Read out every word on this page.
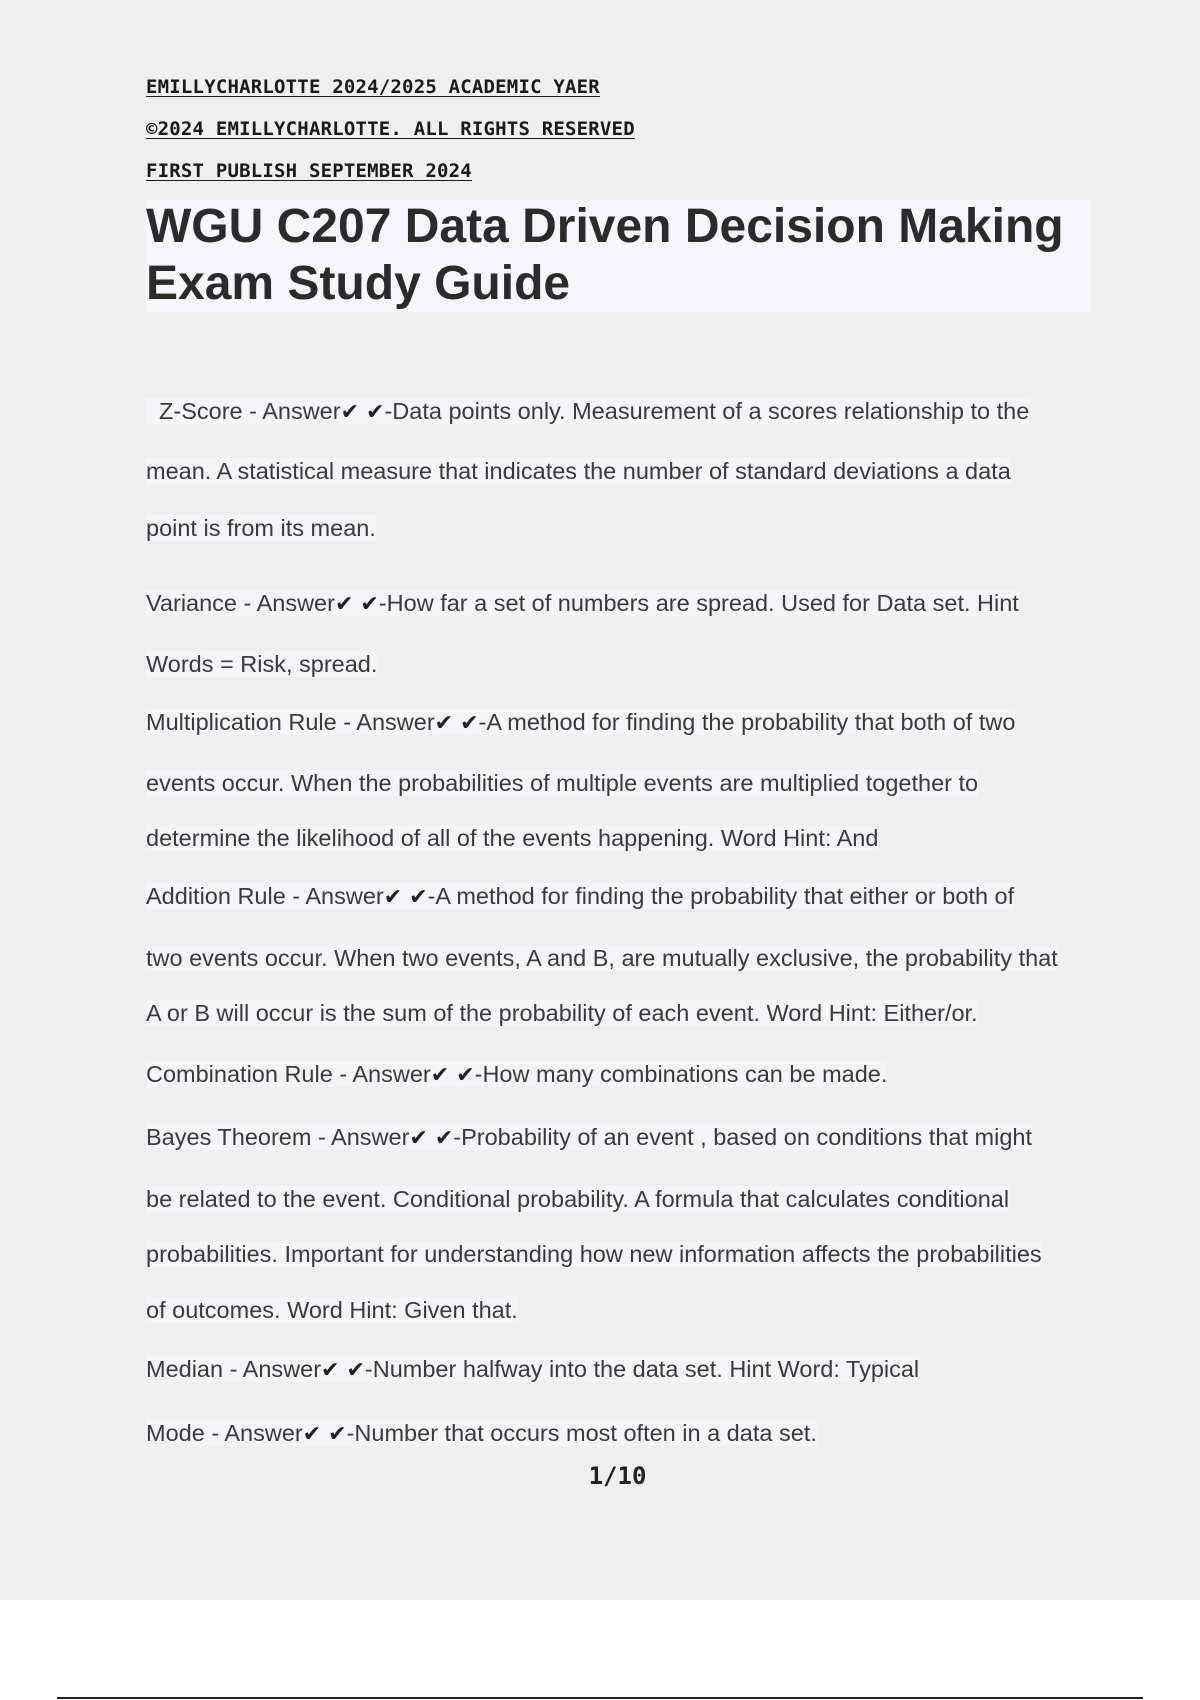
EMILLYCHARLOTTE 2024/2025 ACADEMIC YAER
©2024 EMILLYCHARLOTTE. ALL RIGHTS RESERVED
FIRST PUBLISH SEPTEMBER 2024
WGU C207 Data Driven Decision Making Exam Study Guide
Z-Score - Answer✔ ✔-Data points only. Measurement of a scores relationship to the
mean. A statistical measure that indicates the number of standard deviations a data
point is from its mean.
Variance - Answer✔ ✔-How far a set of numbers are spread. Used for Data set. Hint
Words = Risk, spread.
Multiplication Rule - Answer✔ ✔-A method for finding the probability that both of two
events occur. When the probabilities of multiple events are multiplied together to
determine the likelihood of all of the events happening. Word Hint: And
Addition Rule - Answer✔ ✔-A method for finding the probability that either or both of
two events occur. When two events, A and B, are mutually exclusive, the probability that
A or B will occur is the sum of the probability of each event. Word Hint: Either/or.
Combination Rule - Answer✔ ✔-How many combinations can be made.
Bayes Theorem - Answer✔ ✔-Probability of an event , based on conditions that might
be related to the event. Conditional probability. A formula that calculates conditional
probabilities. Important for understanding how new information affects the probabilities
of outcomes. Word Hint: Given that.
Median - Answer✔ ✔-Number halfway into the data set. Hint Word: Typical
Mode - Answer✔ ✔-Number that occurs most often in a data set.
1/10
